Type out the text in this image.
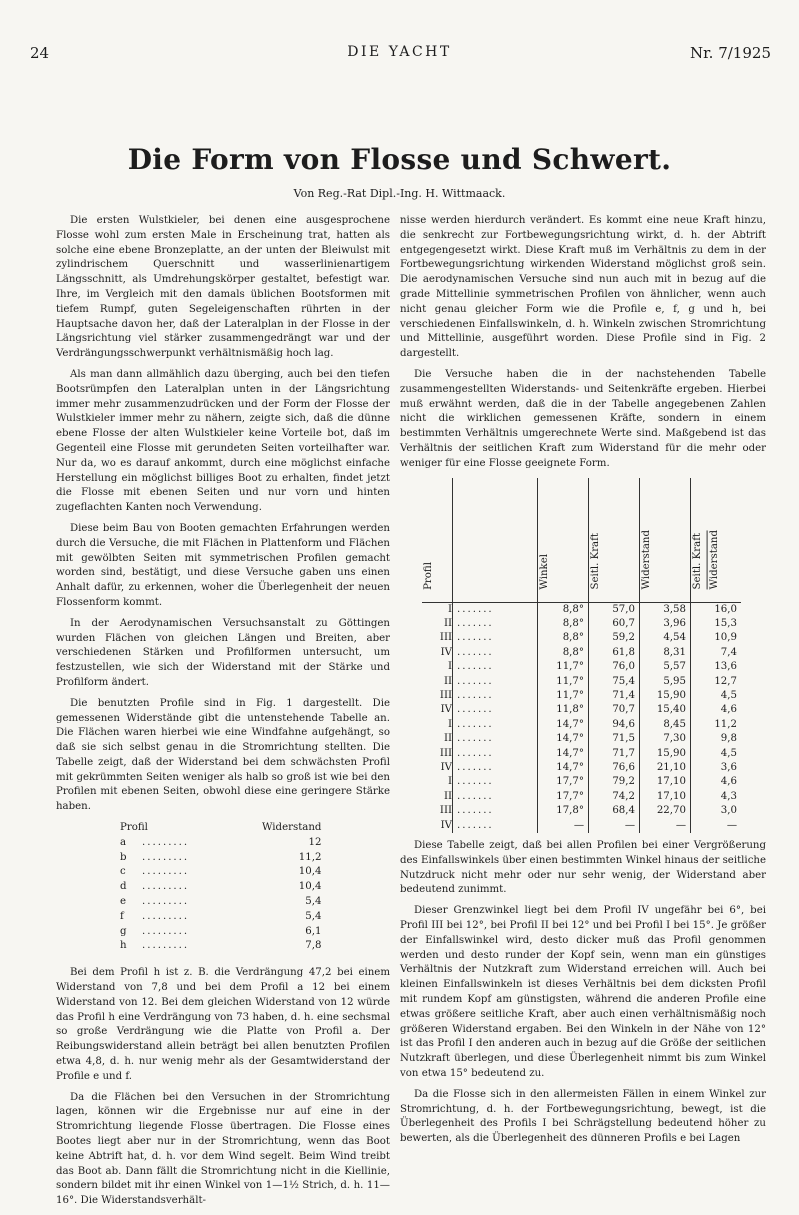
24	DIE YACHT	Nr. 7/1925
Die Form von Flosse und Schwert.
Von Reg.-Rat Dipl.-Ing. H. Wittmaack.

Die ersten Wulstkieler, bei denen eine ausgesprochene Flosse wohl zum ersten Male in Erscheinung trat, hatten als solche eine ebene Bronzeplatte, an der unten der Bleiwulst mit zylindrischem Querschnitt und wasserlinienartigem Längsschnitt, als Umdrehungskörper gestaltet, befestigt war. Ihre, im Vergleich mit den damals üblichen Bootsformen mit tiefem Rumpf, guten Segeleigenschaften rührten in der Hauptsache davon her, daß der Lateralplan in der Flosse in der Längsrichtung viel stärker zusammengedrängt war und der Verdrängungsschwerpunkt verhältnismäßig hoch lag.

Als man dann allmählich dazu überging, auch bei den tiefen Bootsrümpfen den Lateralplan unten in der Längsrichtung immer mehr zusammenzudrücken und der Form der Flosse der Wulstkieler immer mehr zu nähern, zeigte sich, daß die dünne ebene Flosse der alten Wulstkieler keine Vorteile bot, daß im Gegenteil eine Flosse mit gerundeten Seiten vorteilhafter war. Nur da, wo es darauf ankommt, durch eine möglichst einfache Herstellung ein möglichst billiges Boot zu erhalten, findet jetzt die Flosse mit ebenen Seiten und nur vorn und hinten zugeflachten Kanten noch Verwendung.

Diese beim Bau von Booten gemachten Erfahrungen werden durch die Versuche, die mit Flächen in Plattenform und Flächen mit gewölbten Seiten mit symmetrischen Profilen gemacht worden sind, bestätigt, und diese Versuche gaben uns einen Anhalt dafür, zu erkennen, woher die Überlegenheit der neuen Flossenform kommt.

In der Aerodynamischen Versuchsanstalt zu Göttingen wurden Flächen von gleichen Längen und Breiten, aber verschiedenen Stärken und Profilformen untersucht, um festzustellen, wie sich der Widerstand mit der Stärke und Profilform ändert.

Die benutzten Profile sind in Fig. 1 dargestellt. Die gemessenen Widerstände gibt die untenstehende Tabelle an. Die Flächen waren hierbei wie eine Windfahne aufgehängt, so daß sie sich selbst genau in die Stromrichtung stellten. Die Tabelle zeigt, daß der Widerstand bei dem schwächsten Profil mit gekrümmten Seiten weniger als halb so groß ist wie bei den Profilen mit ebenen Seiten, obwohl diese eine geringere Stärke haben.

Profil		Widerstand
a	.........	12
b	.........	11,2
c	.........	10,4
d	.........	10,4
e	.........	5,4
f	.........	5,4
g	.........	6,1
h	.........	7,8

Bei dem Profil h ist z. B. die Verdrängung 47,2 bei einem Widerstand von 7,8 und bei dem Profil a 12 bei einem Widerstand von 12. Bei dem gleichen Widerstand von 12 würde das Profil h eine Verdrängung von 73 haben, d. h. eine sechsmal so große Verdrängung wie die Platte von Profil a. Der Reibungswiderstand allein beträgt bei allen benutzten Profilen etwa 4,8, d. h. nur wenig mehr als der Gesamtwiderstand der Profile e und f.

Da die Flächen bei den Versuchen in der Stromrichtung lagen, können wir die Ergebnisse nur auf eine in der Stromrichtung liegende Flosse übertragen. Die Flosse eines Bootes liegt aber nur in der Stromrichtung, wenn das Boot keine Abtrift hat, d. h. vor dem Wind segelt. Beim Wind treibt das Boot ab. Dann fällt die Stromrichtung nicht in die Kiellinie, sondern bildet mit ihr einen Winkel von 1—1½ Strich, d. h. 11—16°. Die Widerstandsverhält-

nisse werden hierdurch verändert. Es kommt eine neue Kraft hinzu, die senkrecht zur Fortbewegungsrichtung wirkt, d. h. der Abtrift entgegengesetzt wirkt. Diese Kraft muß im Verhältnis zu dem in der Fortbewegungsrichtung wirkenden Widerstand möglichst groß sein. Die aerodynamischen Versuche sind nun auch mit in bezug auf die grade Mittellinie symmetrischen Profilen von ähnlicher, wenn auch nicht genau gleicher Form wie die Profile e, f, g und h, bei verschiedenen Einfallswinkeln, d. h. Winkeln zwischen Stromrichtung und Mittellinie, ausgeführt worden. Diese Profile sind in Fig. 2 dargestellt.

Die Versuche haben die in der nachstehenden Tabelle zusammengestellten Widerstands- und Seitenkräfte ergeben. Hierbei muß erwähnt werden, daß die in der Tabelle angegebenen Zahlen nicht die wirklichen gemessenen Kräfte, sondern in einem bestimmten Verhältnis umgerechnete Werte sind. Maßgebend ist das Verhältnis der seitlichen Kraft zum Widerstand für die mehr oder weniger für eine Flosse geeignete Form.

Profil		Winkel	Seitl. Kraft	Widerstand	Seitl. Kraft Widerstand

I	.......	8,8°	57,0	3,58	16,0
II	.......	8,8°	60,7	3,96	15,3
III	.......	8,8°	59,2	4,54	10,9
IV	.......	8,8°	61,8	8,31	7,4
I	.......	11,7°	76,0	5,57	13,6
II	.......	11,7°	75,4	5,95	12,7
III	.......	11,7°	71,4	15,90	4,5
IV	.......	11,8°	70,7	15,40	4,6
I	.......	14,7°	94,6	8,45	11,2
II	.......	14,7°	71,5	7,30	9,8
III	.......	14,7°	71,7	15,90	4,5
IV	.......	14,7°	76,6	21,10	3,6
I	.......	17,7°	79,2	17,10	4,6
II	.......	17,7°	74,2	17,10	4,3
III	.......	17,8°	68,4	22,70	3,0
IV	.......	—	—	—	—

Diese Tabelle zeigt, daß bei allen Profilen bei einer Vergrößerung des Einfallswinkels über einen bestimmten Winkel hinaus der seitliche Nutzdruck nicht mehr oder nur sehr wenig, der Widerstand aber bedeutend zunimmt.

Dieser Grenzwinkel liegt bei dem Profil IV ungefähr bei 6°, bei Profil III bei 12°, bei Profil II bei 12° und bei Profil I bei 15°. Je größer der Einfallswinkel wird, desto dicker muß das Profil genommen werden und desto runder der Kopf sein, wenn man ein günstiges Verhältnis der Nutzkraft zum Widerstand erreichen will. Auch bei kleinen Einfallswinkeln ist dieses Verhältnis bei dem dicksten Profil mit rundem Kopf am günstigsten, während die anderen Profile eine etwas größere seitliche Kraft, aber auch einen verhältnismäßig noch größeren Widerstand ergaben. Bei den Winkeln in der Nähe von 12° ist das Profil I den anderen auch in bezug auf die Größe der seitlichen Nutzkraft überlegen, und diese Überlegenheit nimmt bis zum Winkel von etwa 15° bedeutend zu.

Da die Flosse sich in den allermeisten Fällen in einem Winkel zur Stromrichtung, d. h. der Fortbewegungsrichtung, bewegt, ist die Überlegenheit des Profils I bei Schrägstellung bedeutend höher zu bewerten, als die Überlegenheit des dünneren Profils e bei Lagen
